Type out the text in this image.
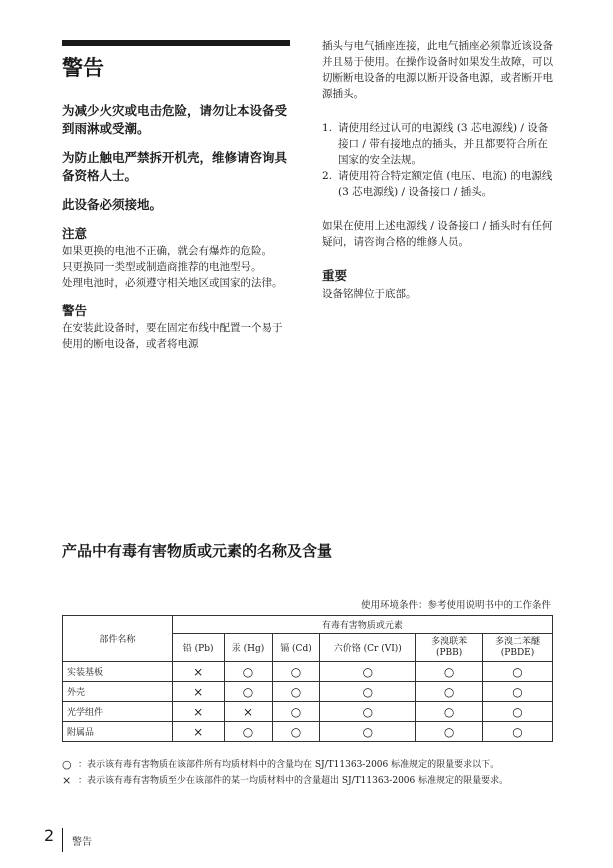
警告

为减少火灾或电击危险，请勿让本设备受到雨淋或受潮。

为防止触电严禁拆开机壳，维修请咨询具备资格人士。

此设备必须接地。

注意

如果更换的电池不正确，就会有爆炸的危险。

只更换同一类型或制造商推荐的电池型号。

处理电池时，必须遵守相关地区或国家的法律。

警告

在安装此设备时，要在固定布线中配置一个易于使用的断电设备，或者将电源

插头与电气插座连接，此电气插座必须靠近该设备并且易于使用。在操作设备时如果发生故障，可以切断断电设备的电源以断开设备电源，或者断开电源插头。

1. 请使用经过认可的电源线 (3 芯电源线) / 设备接口 / 带有接地点的插头，并且都要符合所在国家的安全法规。
2. 请使用符合特定额定值 (电压、电流) 的电源线 (3 芯电源线) / 设备接口 / 插头。

如果在使用上述电源线 / 设备接口 / 插头时有任何疑问，请咨询合格的维修人员。

重要

设备铭牌位于底部。

产品中有毒有害物质或元素的名称及含量

使用环境条件：参考使用说明书中的工作条件

部件名称	有毒有害物质或元素					
	铅 (Pb)	汞 (Hg)	镉 (Cd)	六价铬 (Cr (VI))	多溴联苯
(PBB)	多溴二苯醚
(PBDE)
实装基板	×	○	○	○	○	○
外壳	×	○	○	○	○	○
光学组件	×	×	○	○	○	○
附属品	×	○	○	○	○	○

○ ：表示该有毒有害物质在该部件所有均质材料中的含量均在 SJ/T11363-2006 标准规定的限量要求以下。

× ：表示该有毒有害物质至少在该部件的某一均质材料中的含量超出 SJ/T11363-2006 标准规定的限量要求。

2 警告
